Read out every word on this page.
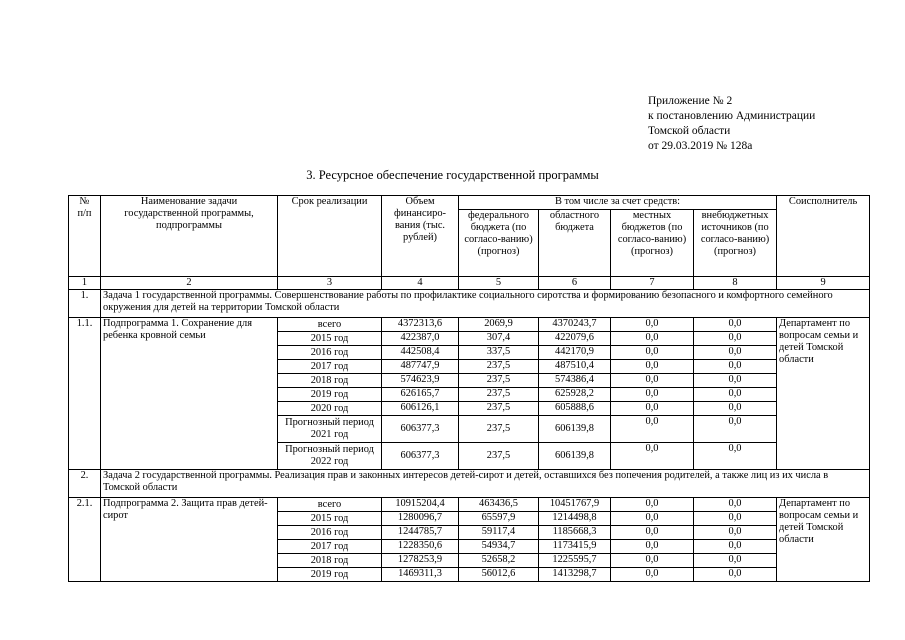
Приложение № 2
к постановлению Администрации
Томской области
от 29.03.2019 № 128а
3. Ресурсное обеспечение государственной программы
№
п/п	Наименование задачи государственной программы, подпрограммы	Срок реализации	Объем финансиро-вания (тыс. рублей)	В том числе за счет средств:				Соисполнитель
				федерального бюджета (по согласо-ванию) (прогноз)	областного бюджета	местных бюджетов (по согласо-ванию) (прогноз)	внебюджетных источников (по согласо-ванию) (прогноз)	
1	2	3	4	5	6	7	8	9
1.	Задача 1 государственной программы. Совершенствование работы по профилактике социального сиротства и формированию безопасного и комфортного семейного окружения для детей на территории Томской области							
1.1.	Подпрограмма 1. Сохранение для ребенка кровной семьи	всего	4372313,6	2069,9	4370243,7	0,0	0,0	Департамент по вопросам семьи и детей Томской области
		2015 год	422387,0	307,4	422079,6	0,0	0,0	
		2016 год	442508,4	337,5	442170,9	0,0	0,0	
		2017 год	487747,9	237,5	487510,4	0,0	0,0	
		2018 год	574623,9	237,5	574386,4	0,0	0,0	
		2019 год	626165,7	237,5	625928,2	0,0	0,0	
		2020 год	606126,1	237,5	605888,6	0,0	0,0	
		Прогнозный период 2021 год	606377,3	237,5	606139,8	0,0	0,0	
		Прогнозный период 2022 год	606377,3	237,5	606139,8	0,0	0,0	
2.	Задача 2 государственной программы. Реализация прав и законных интересов детей-сирот и детей, оставшихся без попечения родителей, а также лиц из их числа в Томской области							
2.1.	Подпрограмма 2. Защита прав детей-сирот	всего	10915204,4	463436,5	10451767,9	0,0	0,0	Департамент по вопросам семьи и детей Томской области
		2015 год	1280096,7	65597,9	1214498,8	0,0	0,0	
		2016 год	1244785,7	59117,4	1185668,3	0,0	0,0	
		2017 год	1228350,6	54934,7	1173415,9	0,0	0,0	
		2018 год	1278253,9	52658,2	1225595,7	0,0	0,0	
		2019 год	1469311,3	56012,6	1413298,7	0,0	0,0	
